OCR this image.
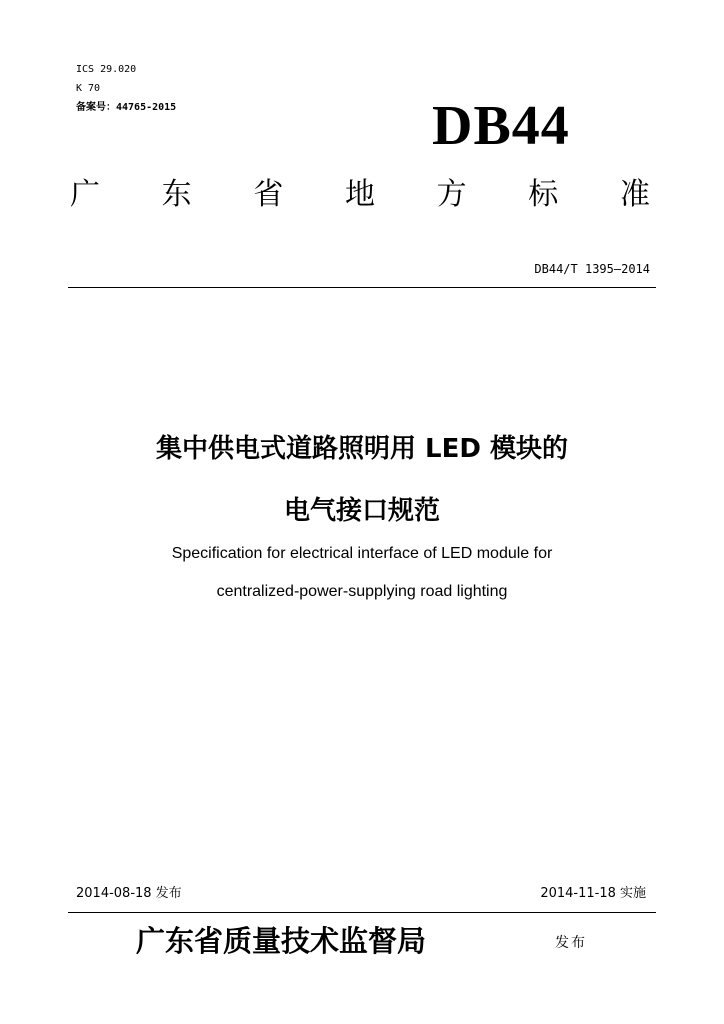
ICS 29.020
K 70
备案号：44765-2015	DB44
广 东 省 地 方 标 准
DB44/T 1395—2014
集中供电式道路照明用 LED 模块的
电气接口规范
Specification for electrical interface of LED module for
centralized-power-supplying road lighting
2014-08-18 发布	2014-11-18 实施
广东省质量技术监督局	发布
